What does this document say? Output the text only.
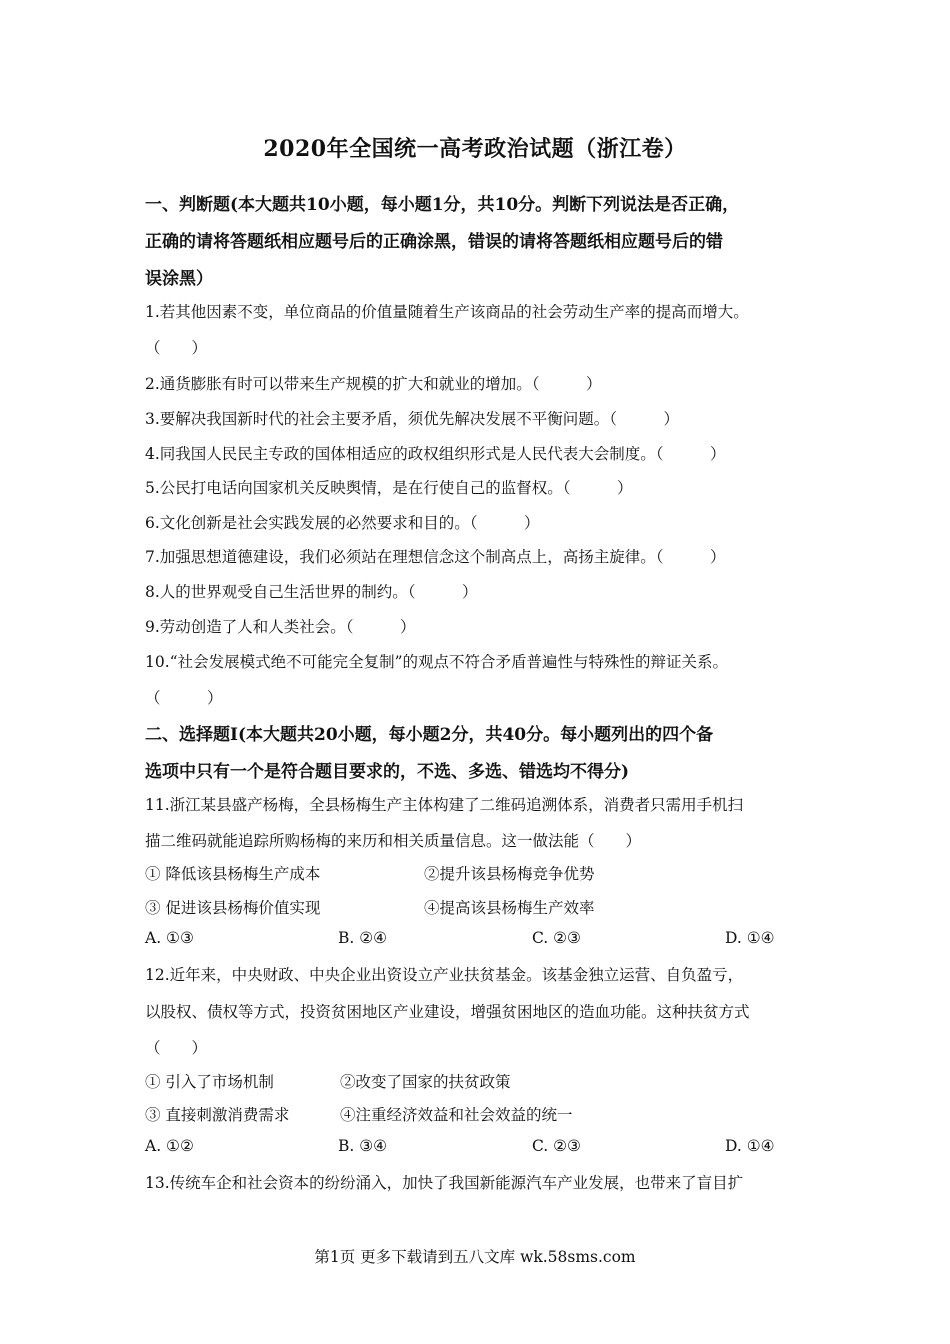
2020年全国统一高考政治试题（浙江卷）
一、判断题(本大题共10小题，每小题1分，共10分。判断下列说法是否正确，
正确的请将答题纸相应题号后的正确涂黑，错误的请将答题纸相应题号后的错
误涂黑）
1.若其他因素不变，单位商品的价值量随着生产该商品的社会劳动生产率的提高而增大。
（　　）
2.通货膨胀有时可以带来生产规模的扩大和就业的增加。（　　　）
3.要解决我国新时代的社会主要矛盾，须优先解决发展不平衡问题。（　　　）
4.同我国人民民主专政的国体相适应的政权组织形式是人民代表大会制度。（　　　）
5.公民打电话向国家机关反映舆情，是在行使自己的监督权。（　　　）
6.文化创新是社会实践发展的必然要求和目的。（　　　）
7.加强思想道德建设，我们必须站在理想信念这个制高点上，高扬主旋律。（　　　）
8.人的世界观受自己生活世界的制约。（　　　）
9.劳动创造了人和人类社会。（　　　）
10.“社会发展模式绝不可能完全复制”的观点不符合矛盾普遍性与特殊性的辩证关系。
（　　　）
二、选择题Ⅰ(本大题共20小题，每小题2分，共40分。每小题列出的四个备
选项中只有一个是符合题目要求的，不选、多选、错选均不得分)
11.浙江某县盛产杨梅，全县杨梅生产主体构建了二维码追溯体系，消费者只需用手机扫
描二维码就能追踪所购杨梅的来历和相关质量信息。这一做法能（　　）
① 降低该县杨梅生产成本	②提升该县杨梅竞争优势
③ 促进该县杨梅价值实现	④提高该县杨梅生产效率
A. ①③	B. ②④	C. ②③	D. ①④
12.近年来，中央财政、中央企业出资设立产业扶贫基金。该基金独立运营、自负盈亏，
以股权、债权等方式，投资贫困地区产业建设，增强贫困地区的造血功能。这种扶贫方式
（　　）
① 引入了市场机制	②改变了国家的扶贫政策
③ 直接刺激消费需求	④注重经济效益和社会效益的统一
A. ①②	B. ③④	C. ②③	D. ①④
13.传统车企和社会资本的纷纷涌入，加快了我国新能源汽车产业发展，也带来了盲目扩
第1页 更多下载请到五八文库 wk.58sms.com
